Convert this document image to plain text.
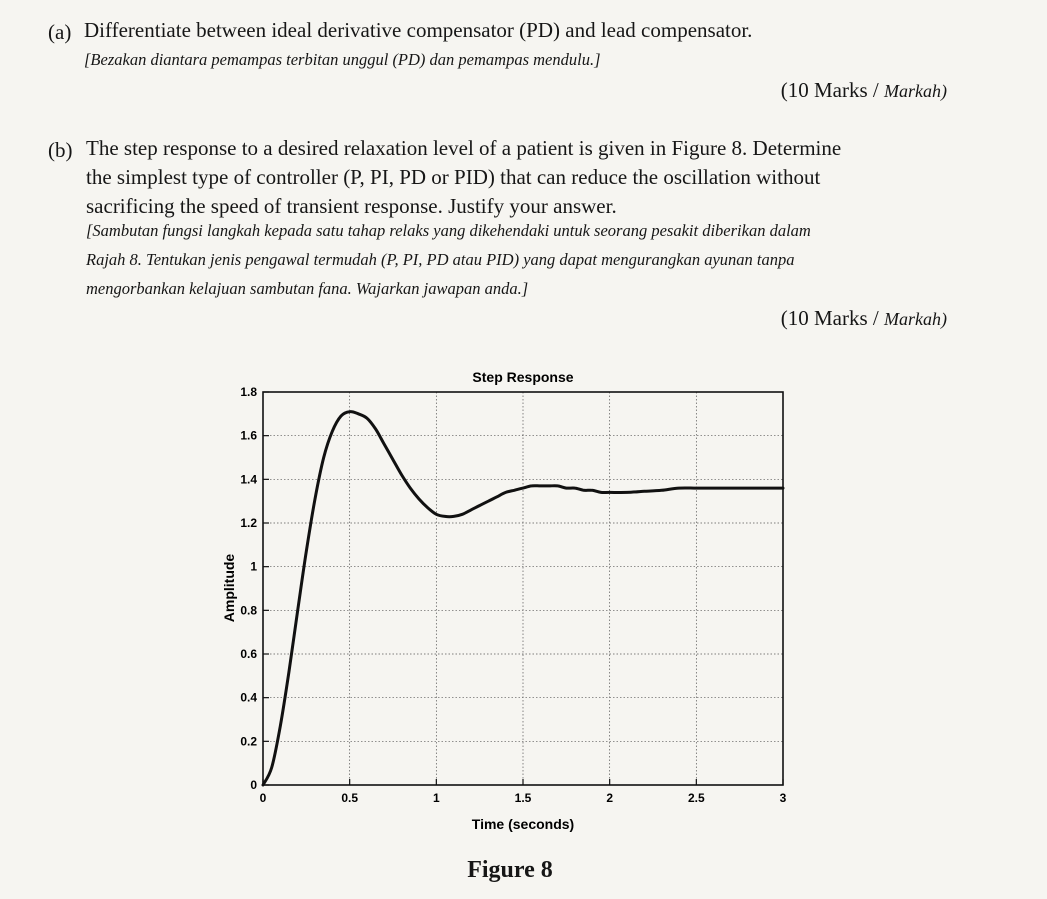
(a) Differentiate between ideal derivative compensator (PD) and lead compensator.
[Bezakan diantara pemampas terbitan unggul (PD) dan pemampas mendulu.]
(10 Marks / Markah)
(b) The step response to a desired relaxation level of a patient is given in Figure 8. Determine
the simplest type of controller (P, PI, PD or PID) that can reduce the oscillation without
sacrificing the speed of transient response. Justify your answer.
[Sambutan fungsi langkah kepada satu tahap relaks yang dikehendaki untuk seorang pesakit diberikan dalam
Rajah 8. Tentukan jenis pengawal termudah (P, PI, PD atau PID) yang dapat mengurangkan ayunan tanpa
mengorbankan kelajuan sambutan fana. Wajarkan jawapan anda.]
(10 Marks / Markah)
0	0.5	1	1.5	2	2.5	3
0
0.2
0.4
0.6
0.8
1
1.2
1.4
1.6
1.8
Step Response
Time (seconds)
Amplitude
Figure 8
